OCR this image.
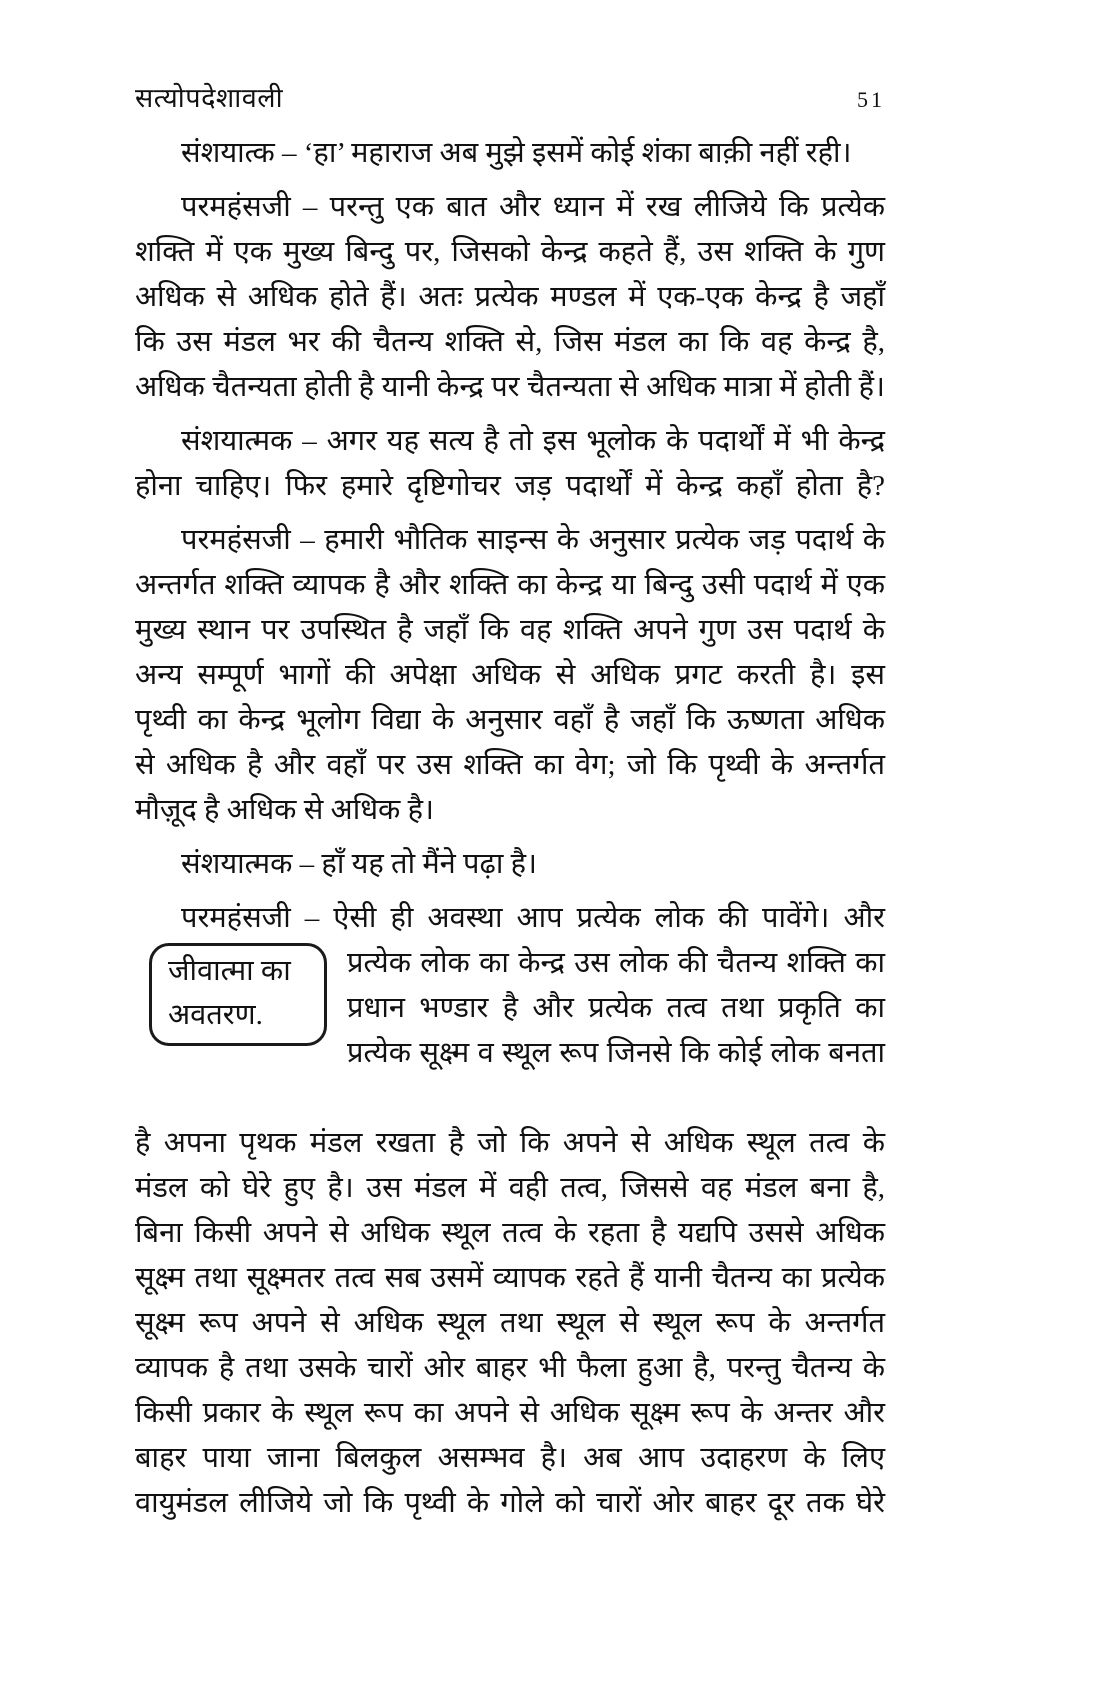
सत्योपदेशावली	51
संशयात्क – ‘हा’ महाराज अब मुझे इसमें कोई शंका बाक़ी नहीं रही।
परमहंसजी – परन्तु एक बात और ध्यान में रख लीजिये कि प्रत्येक
शक्ति में एक मुख्य बिन्दु पर, जिसको केन्द्र कहते हैं, उस शक्ति के गुण
अधिक से अधिक होते हैं। अतः प्रत्येक मण्डल में एक-एक केन्द्र है जहाँ
कि उस मंडल भर की चैतन्य शक्ति से, जिस मंडल का कि वह केन्द्र है,
अधिक चैतन्यता होती है यानी केन्द्र पर चैतन्यता से अधिक मात्रा में होती हैं।
संशयात्मक – अगर यह सत्य है तो इस भूलोक के पदार्थों में भी केन्द्र
होना चाहिए। फिर हमारे दृष्टिगोचर जड़ पदार्थों में केन्द्र कहाँ होता है?
परमहंसजी – हमारी भौतिक साइन्स के अनुसार प्रत्येक जड़ पदार्थ के
अन्तर्गत शक्ति व्यापक है और शक्ति का केन्द्र या बिन्दु उसी पदार्थ में एक
मुख्य स्थान पर उपस्थित है जहाँ कि वह शक्ति अपने गुण उस पदार्थ के
अन्य सम्पूर्ण भागों की अपेक्षा अधिक से अधिक प्रगट करती है। इस
पृथ्वी का केन्द्र भूलोग विद्या के अनुसार वहाँ है जहाँ कि ऊष्णता अधिक
से अधिक है और वहाँ पर उस शक्ति का वेग; जो कि पृथ्वी के अन्तर्गत
मौज़ूद है अधिक से अधिक है।
संशयात्मक – हाँ यह तो मैंने पढ़ा है।
परमहंसजी – ऐसी ही अवस्था आप प्रत्येक लोक की पावेंगे। और
जीवात्मा का
अवतरण.
प्रत्येक लोक का केन्द्र उस लोक की चैतन्य शक्ति का
प्रधान भण्डार है और प्रत्येक तत्व तथा प्रकृति का
प्रत्येक सूक्ष्म व स्थूल रूप जिनसे कि कोई लोक बनता
है अपना पृथक मंडल रखता है जो कि अपने से अधिक स्थूल तत्व के
मंडल को घेरे हुए है। उस मंडल में वही तत्व, जिससे वह मंडल बना है,
बिना किसी अपने से अधिक स्थूल तत्व के रहता है यद्यपि उससे अधिक
सूक्ष्म तथा सूक्ष्मतर तत्व सब उसमें व्यापक रहते हैं यानी चैतन्य का प्रत्येक
सूक्ष्म रूप अपने से अधिक स्थूल तथा स्थूल से स्थूल रूप के अन्तर्गत
व्यापक है तथा उसके चारों ओर बाहर भी फैला हुआ है, परन्तु चैतन्य के
किसी प्रकार के स्थूल रूप का अपने से अधिक सूक्ष्म रूप के अन्तर और
बाहर पाया जाना बिलकुल असम्भव है। अब आप उदाहरण के लिए
वायुमंडल लीजिये जो कि पृथ्वी के गोले को चारों ओर बाहर दूर तक घेरे
